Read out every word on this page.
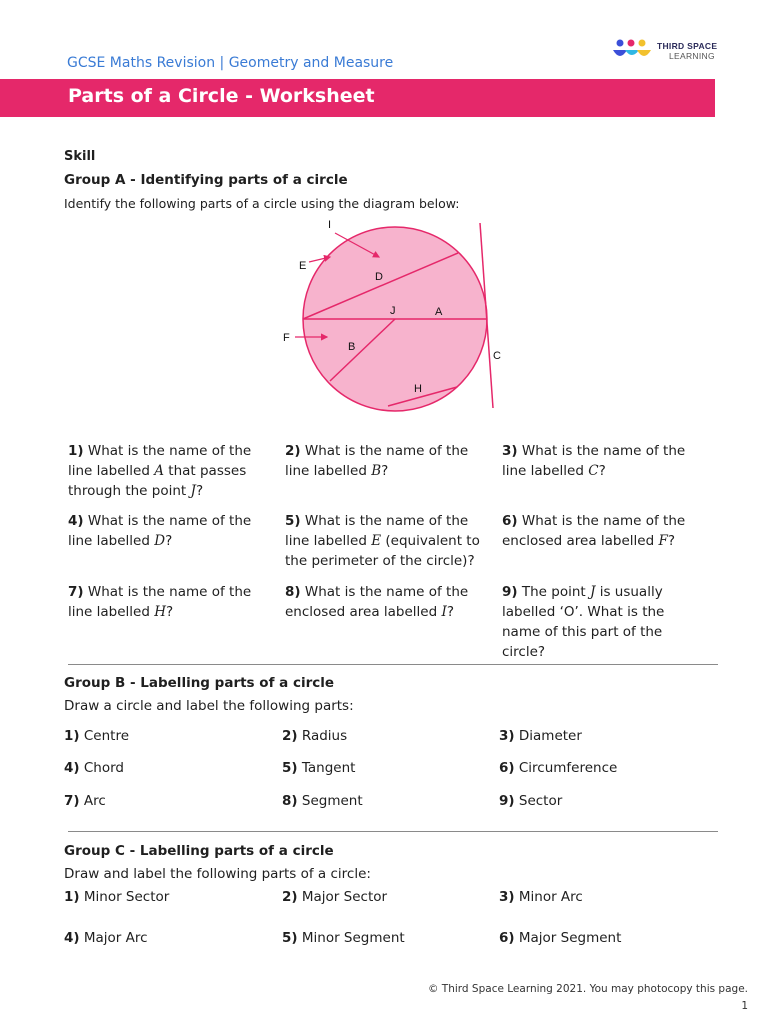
GCSE Maths Revision | Geometry and Measure
THIRD SPACE
LEARNING
Parts of a Circle - Worksheet
Skill
Group A - Identifying parts of a circle
Identify the following parts of a circle using the diagram below:
I
E
D
J	A
F
B
C
H
1) What is the name of the line labelled A that passes through the point J?
2) What is the name of the line labelled B?
3) What is the name of the line labelled C?
4) What is the name of the line labelled D?
5) What is the name of the line labelled E (equivalent to the perimeter of the circle)?
6) What is the name of the enclosed area labelled F?
7) What is the name of the line labelled H?
8) What is the name of the enclosed area labelled I?
9) The point J is usually labelled ‘O’. What is the name of this part of the circle?
Group B - Labelling parts of a circle
Draw a circle and label the following parts:
1) Centre	2) Radius	3) Diameter
4) Chord	5) Tangent	6) Circumference
7) Arc	8) Segment	9) Sector
Group C - Labelling parts of a circle
Draw and label the following parts of a circle:
1) Minor Sector	2) Major Sector	3) Minor Arc
4) Major Arc	5) Minor Segment	6) Major Segment
© Third Space Learning 2021. You may photocopy this page.
1
